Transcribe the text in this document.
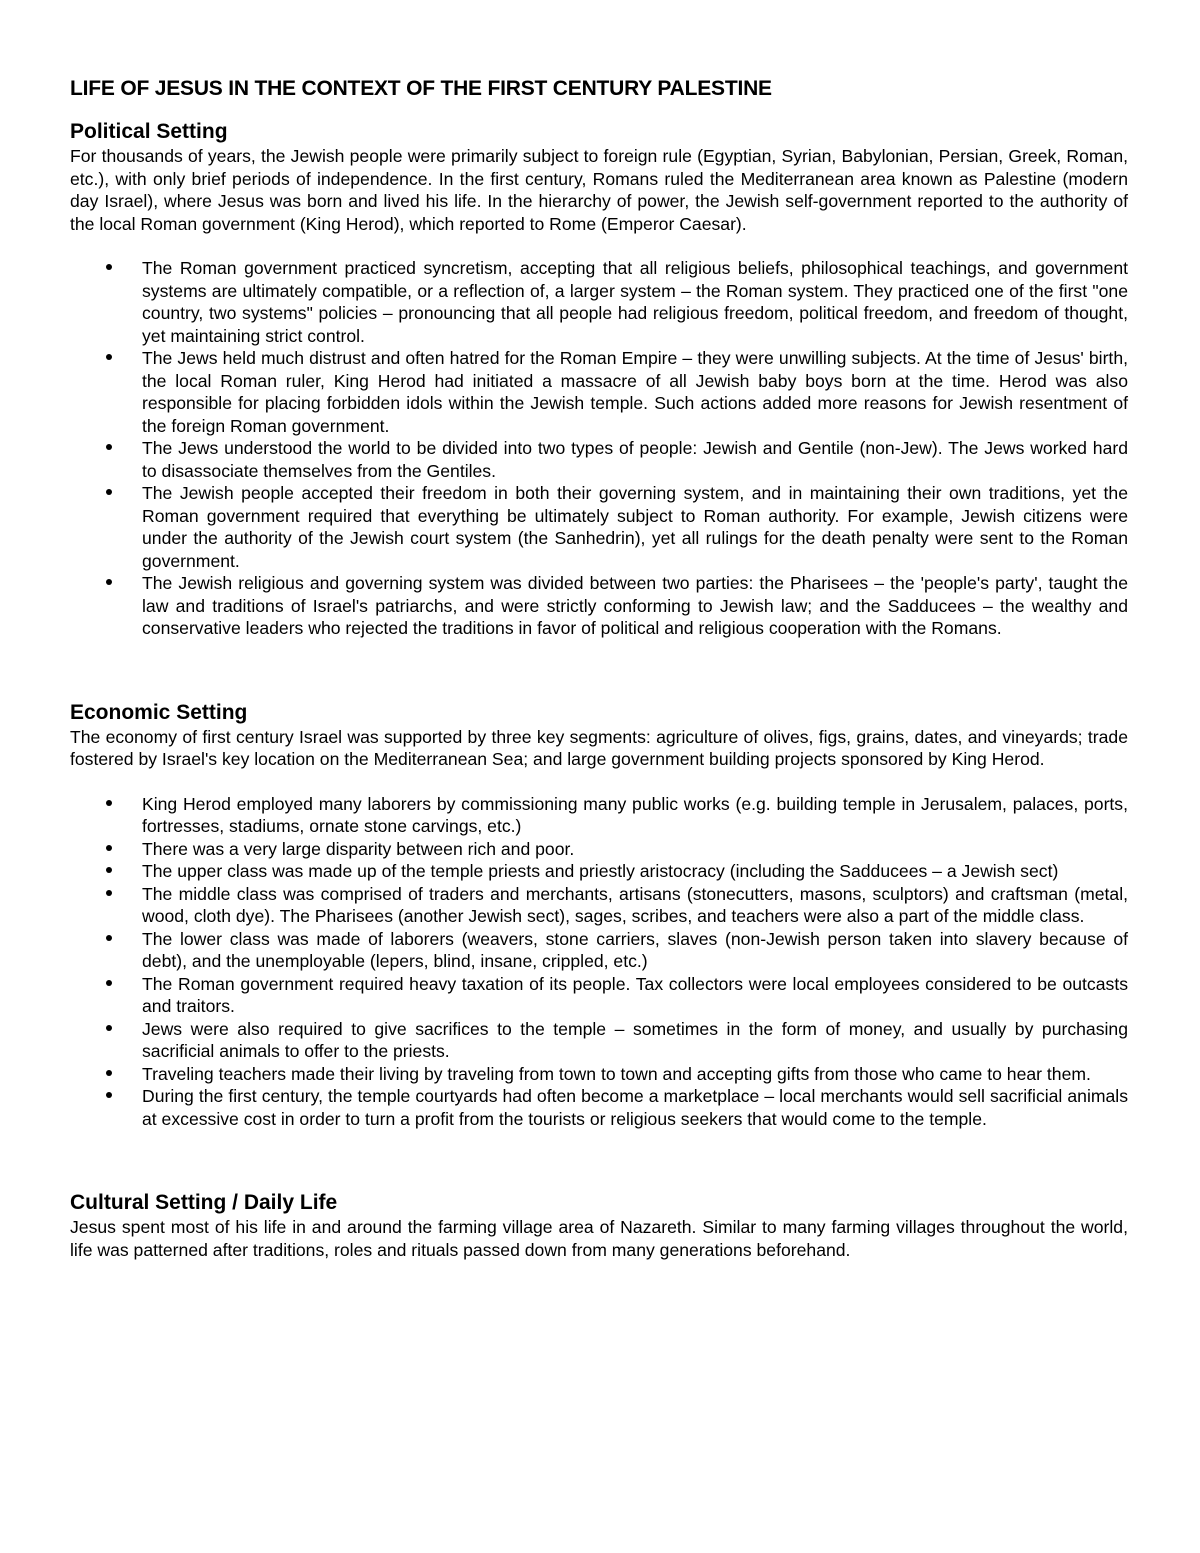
LIFE OF JESUS IN THE CONTEXT OF THE FIRST CENTURY PALESTINE
Political Setting

For thousands of years, the Jewish people were primarily subject to foreign rule (Egyptian, Syrian, Babylonian, Persian, Greek, Roman, etc.), with only brief periods of independence. In the first century, Romans ruled the Mediterranean area known as Palestine (modern day Israel), where Jesus was born and lived his life. In the hierarchy of power, the Jewish self-government reported to the authority of the local Roman government (King Herod), which reported to Rome (Emperor Caesar).

The Roman government practiced syncretism, accepting that all religious beliefs, philosophical teachings, and government systems are ultimately compatible, or a reflection of, a larger system – the Roman system. They practiced one of the first "one country, two systems" policies – pronouncing that all people had religious freedom, political freedom, and freedom of thought, yet maintaining strict control.
The Jews held much distrust and often hatred for the Roman Empire – they were unwilling subjects. At the time of Jesus' birth, the local Roman ruler, King Herod had initiated a massacre of all Jewish baby boys born at the time. Herod was also responsible for placing forbidden idols within the Jewish temple. Such actions added more reasons for Jewish resentment of the foreign Roman government.
The Jews understood the world to be divided into two types of people: Jewish and Gentile (non-Jew). The Jews worked hard to disassociate themselves from the Gentiles.
The Jewish people accepted their freedom in both their governing system, and in maintaining their own traditions, yet the Roman government required that everything be ultimately subject to Roman authority. For example, Jewish citizens were under the authority of the Jewish court system (the Sanhedrin), yet all rulings for the death penalty were sent to the Roman government.
The Jewish religious and governing system was divided between two parties: the Pharisees – the 'people's party', taught the law and traditions of Israel's patriarchs, and were strictly conforming to Jewish law; and the Sadducees – the wealthy and conservative leaders who rejected the traditions in favor of political and religious cooperation with the Romans.
Economic Setting

The economy of first century Israel was supported by three key segments: agriculture of olives, figs, grains, dates, and vineyards; trade fostered by Israel's key location on the Mediterranean Sea; and large government building projects sponsored by King Herod.

King Herod employed many laborers by commissioning many public works (e.g. building temple in Jerusalem, palaces, ports, fortresses, stadiums, ornate stone carvings, etc.)
There was a very large disparity between rich and poor.
The upper class was made up of the temple priests and priestly aristocracy (including the Sadducees – a Jewish sect)
The middle class was comprised of traders and merchants, artisans (stonecutters, masons, sculptors) and craftsman (metal, wood, cloth dye). The Pharisees (another Jewish sect), sages, scribes, and teachers were also a part of the middle class.
The lower class was made of laborers (weavers, stone carriers, slaves (non-Jewish person taken into slavery because of debt), and the unemployable (lepers, blind, insane, crippled, etc.)
The Roman government required heavy taxation of its people. Tax collectors were local employees considered to be outcasts and traitors.
Jews were also required to give sacrifices to the temple – sometimes in the form of money, and usually by purchasing sacrificial animals to offer to the priests.
Traveling teachers made their living by traveling from town to town and accepting gifts from those who came to hear them.
During the first century, the temple courtyards had often become a marketplace – local merchants would sell sacrificial animals at excessive cost in order to turn a profit from the tourists or religious seekers that would come to the temple.
Cultural Setting / Daily Life

Jesus spent most of his life in and around the farming village area of Nazareth. Similar to many farming villages throughout the world, life was patterned after traditions, roles and rituals passed down from many generations beforehand.
